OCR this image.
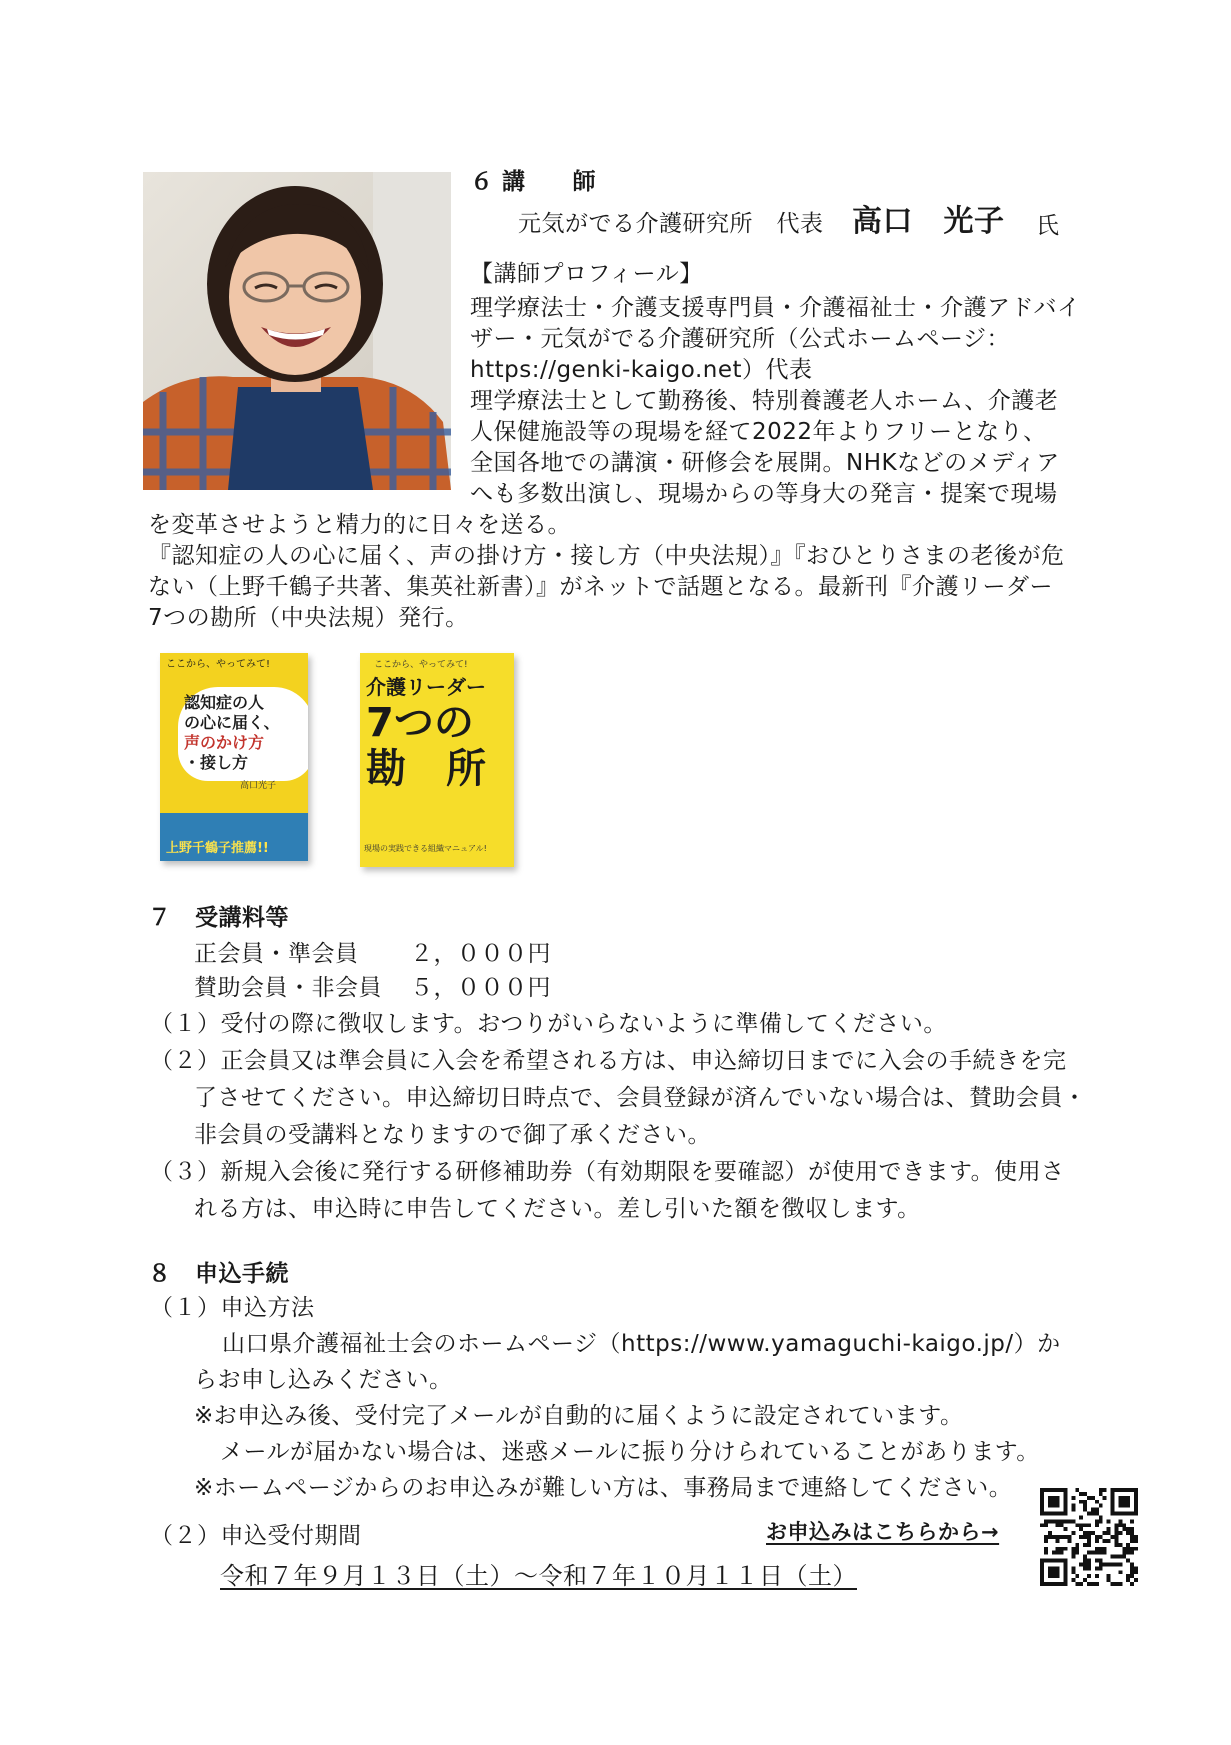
６ 講　　師
元気がでる介護研究所　代表 高口　光子 氏
【講師プロフィール】
理学療法士・介護支援専門員・介護福祉士・介護アドバイ
ザー・元気がでる介護研究所（公式ホームページ：
https://genki-kaigo.net）代表
理学療法士として勤務後、特別養護老人ホーム、介護老
人保健施設等の現場を経て2022年よりフリーとなり、
全国各地での講演・研修会を展開。NHKなどのメディア
へも多数出演し、現場からの等身大の発言・提案で現場
を変革させようと精力的に日々を送る。
『認知症の人の心に届く、声の掛け方・接し方（中央法規）』『おひとりさまの老後が危
ない（上野千鶴子共著、集英社新書）』がネットで話題となる。最新刊『介護リーダー
7つの勘所（中央法規）発行。
ここから、やってみて!
認知症の人
の心に届く、
声のかけ方
・接し方
高口光子
上野千鶴子推薦!!
ここから、やってみて!
介護リーダー
7つの
勘　所
現場の実践できる組織マニュアル!
７　受講料等
正会員・準会員 ２，０００円
賛助会員・非会員 ５，０００円
（１）受付の際に徴収します。おつりがいらないように準備してください。
（２）正会員又は準会員に入会を希望される方は、申込締切日までに入会の手続きを完
了させてください。申込締切日時点で、会員登録が済んでいない場合は、賛助会員・
非会員の受講料となりますので御了承ください。
（３）新規入会後に発行する研修補助券（有効期限を要確認）が使用できます。使用さ
れる方は、申込時に申告してください。差し引いた額を徴収します。
８　申込手続
（１）申込方法
山口県介護福祉士会のホームページ（https://www.yamaguchi-kaigo.jp/）か
らお申し込みください。
※お申込み後、受付完了メールが自動的に届くように設定されています。
メールが届かない場合は、迷惑メールに振り分けられていることがあります。
※ホームページからのお申込みが難しい方は、事務局まで連絡してください。
（２）申込受付期間	お申込みはこちらから→
令和７年９月１３日（土）～令和７年１０月１１日（土）
